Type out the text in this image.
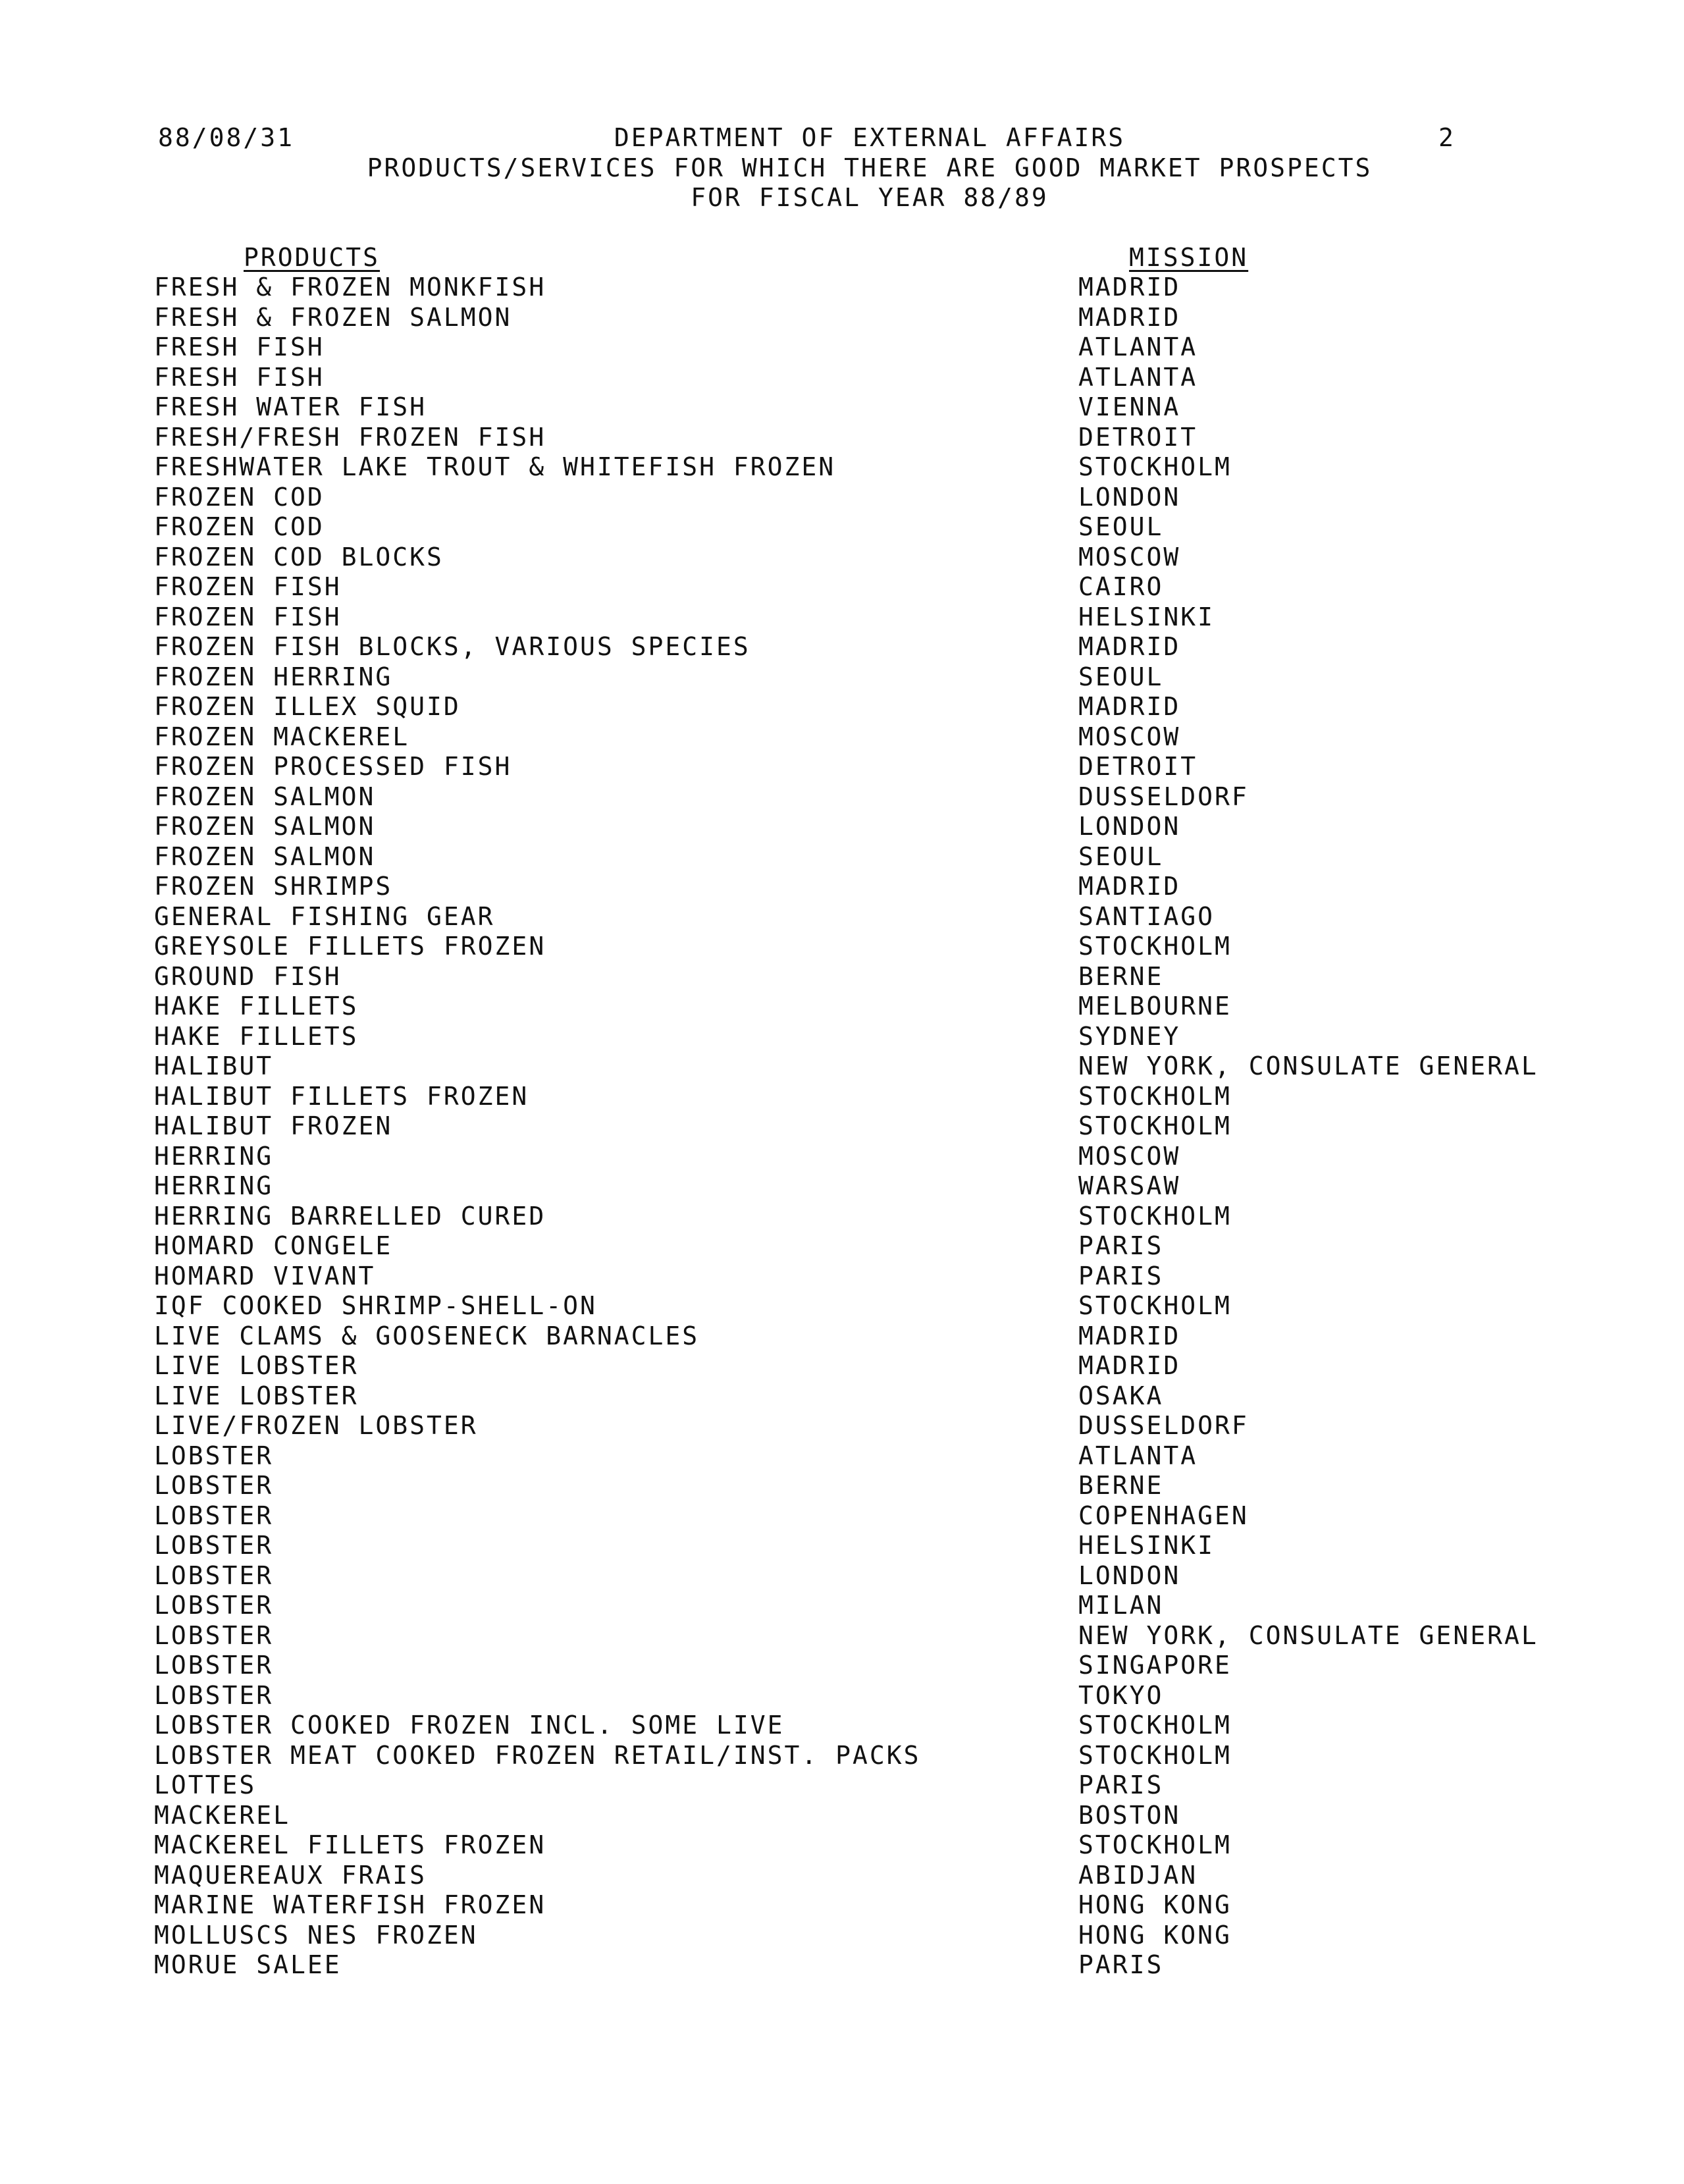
88/08/31	DEPARTMENT OF EXTERNAL AFFAIRS	2
PRODUCTS/SERVICES FOR WHICH THERE ARE GOOD MARKET PROSPECTS
FOR FISCAL YEAR 88/89
PRODUCTS	MISSION
FRESH & FROZEN MONKFISH	MADRID
FRESH & FROZEN SALMON	MADRID
FRESH FISH	ATLANTA
FRESH FISH	ATLANTA
FRESH WATER FISH	VIENNA
FRESH/FRESH FROZEN FISH	DETROIT
FRESHWATER LAKE TROUT & WHITEFISH FROZEN	STOCKHOLM
FROZEN COD	LONDON
FROZEN COD	SEOUL
FROZEN COD BLOCKS	MOSCOW
FROZEN FISH	CAIRO
FROZEN FISH	HELSINKI
FROZEN FISH BLOCKS, VARIOUS SPECIES	MADRID
FROZEN HERRING	SEOUL
FROZEN ILLEX SQUID	MADRID
FROZEN MACKEREL	MOSCOW
FROZEN PROCESSED FISH	DETROIT
FROZEN SALMON	DUSSELDORF
FROZEN SALMON	LONDON
FROZEN SALMON	SEOUL
FROZEN SHRIMPS	MADRID
GENERAL FISHING GEAR	SANTIAGO
GREYSOLE FILLETS FROZEN	STOCKHOLM
GROUND FISH	BERNE
HAKE FILLETS	MELBOURNE
HAKE FILLETS	SYDNEY
HALIBUT	NEW YORK, CONSULATE GENERAL
HALIBUT FILLETS FROZEN	STOCKHOLM
HALIBUT FROZEN	STOCKHOLM
HERRING	MOSCOW
HERRING	WARSAW
HERRING BARRELLED CURED	STOCKHOLM
HOMARD CONGELE	PARIS
HOMARD VIVANT	PARIS
IQF COOKED SHRIMP-SHELL-ON	STOCKHOLM
LIVE CLAMS & GOOSENECK BARNACLES	MADRID
LIVE LOBSTER	MADRID
LIVE LOBSTER	OSAKA
LIVE/FROZEN LOBSTER	DUSSELDORF
LOBSTER	ATLANTA
LOBSTER	BERNE
LOBSTER	COPENHAGEN
LOBSTER	HELSINKI
LOBSTER	LONDON
LOBSTER	MILAN
LOBSTER	NEW YORK, CONSULATE GENERAL
LOBSTER	SINGAPORE
LOBSTER	TOKYO
LOBSTER COOKED FROZEN INCL. SOME LIVE	STOCKHOLM
LOBSTER MEAT COOKED FROZEN RETAIL/INST. PACKS	STOCKHOLM
LOTTES	PARIS
MACKEREL	BOSTON
MACKEREL FILLETS FROZEN	STOCKHOLM
MAQUEREAUX FRAIS	ABIDJAN
MARINE WATERFISH FROZEN	HONG KONG
MOLLUSCS NES FROZEN	HONG KONG
MORUE SALEE	PARIS
